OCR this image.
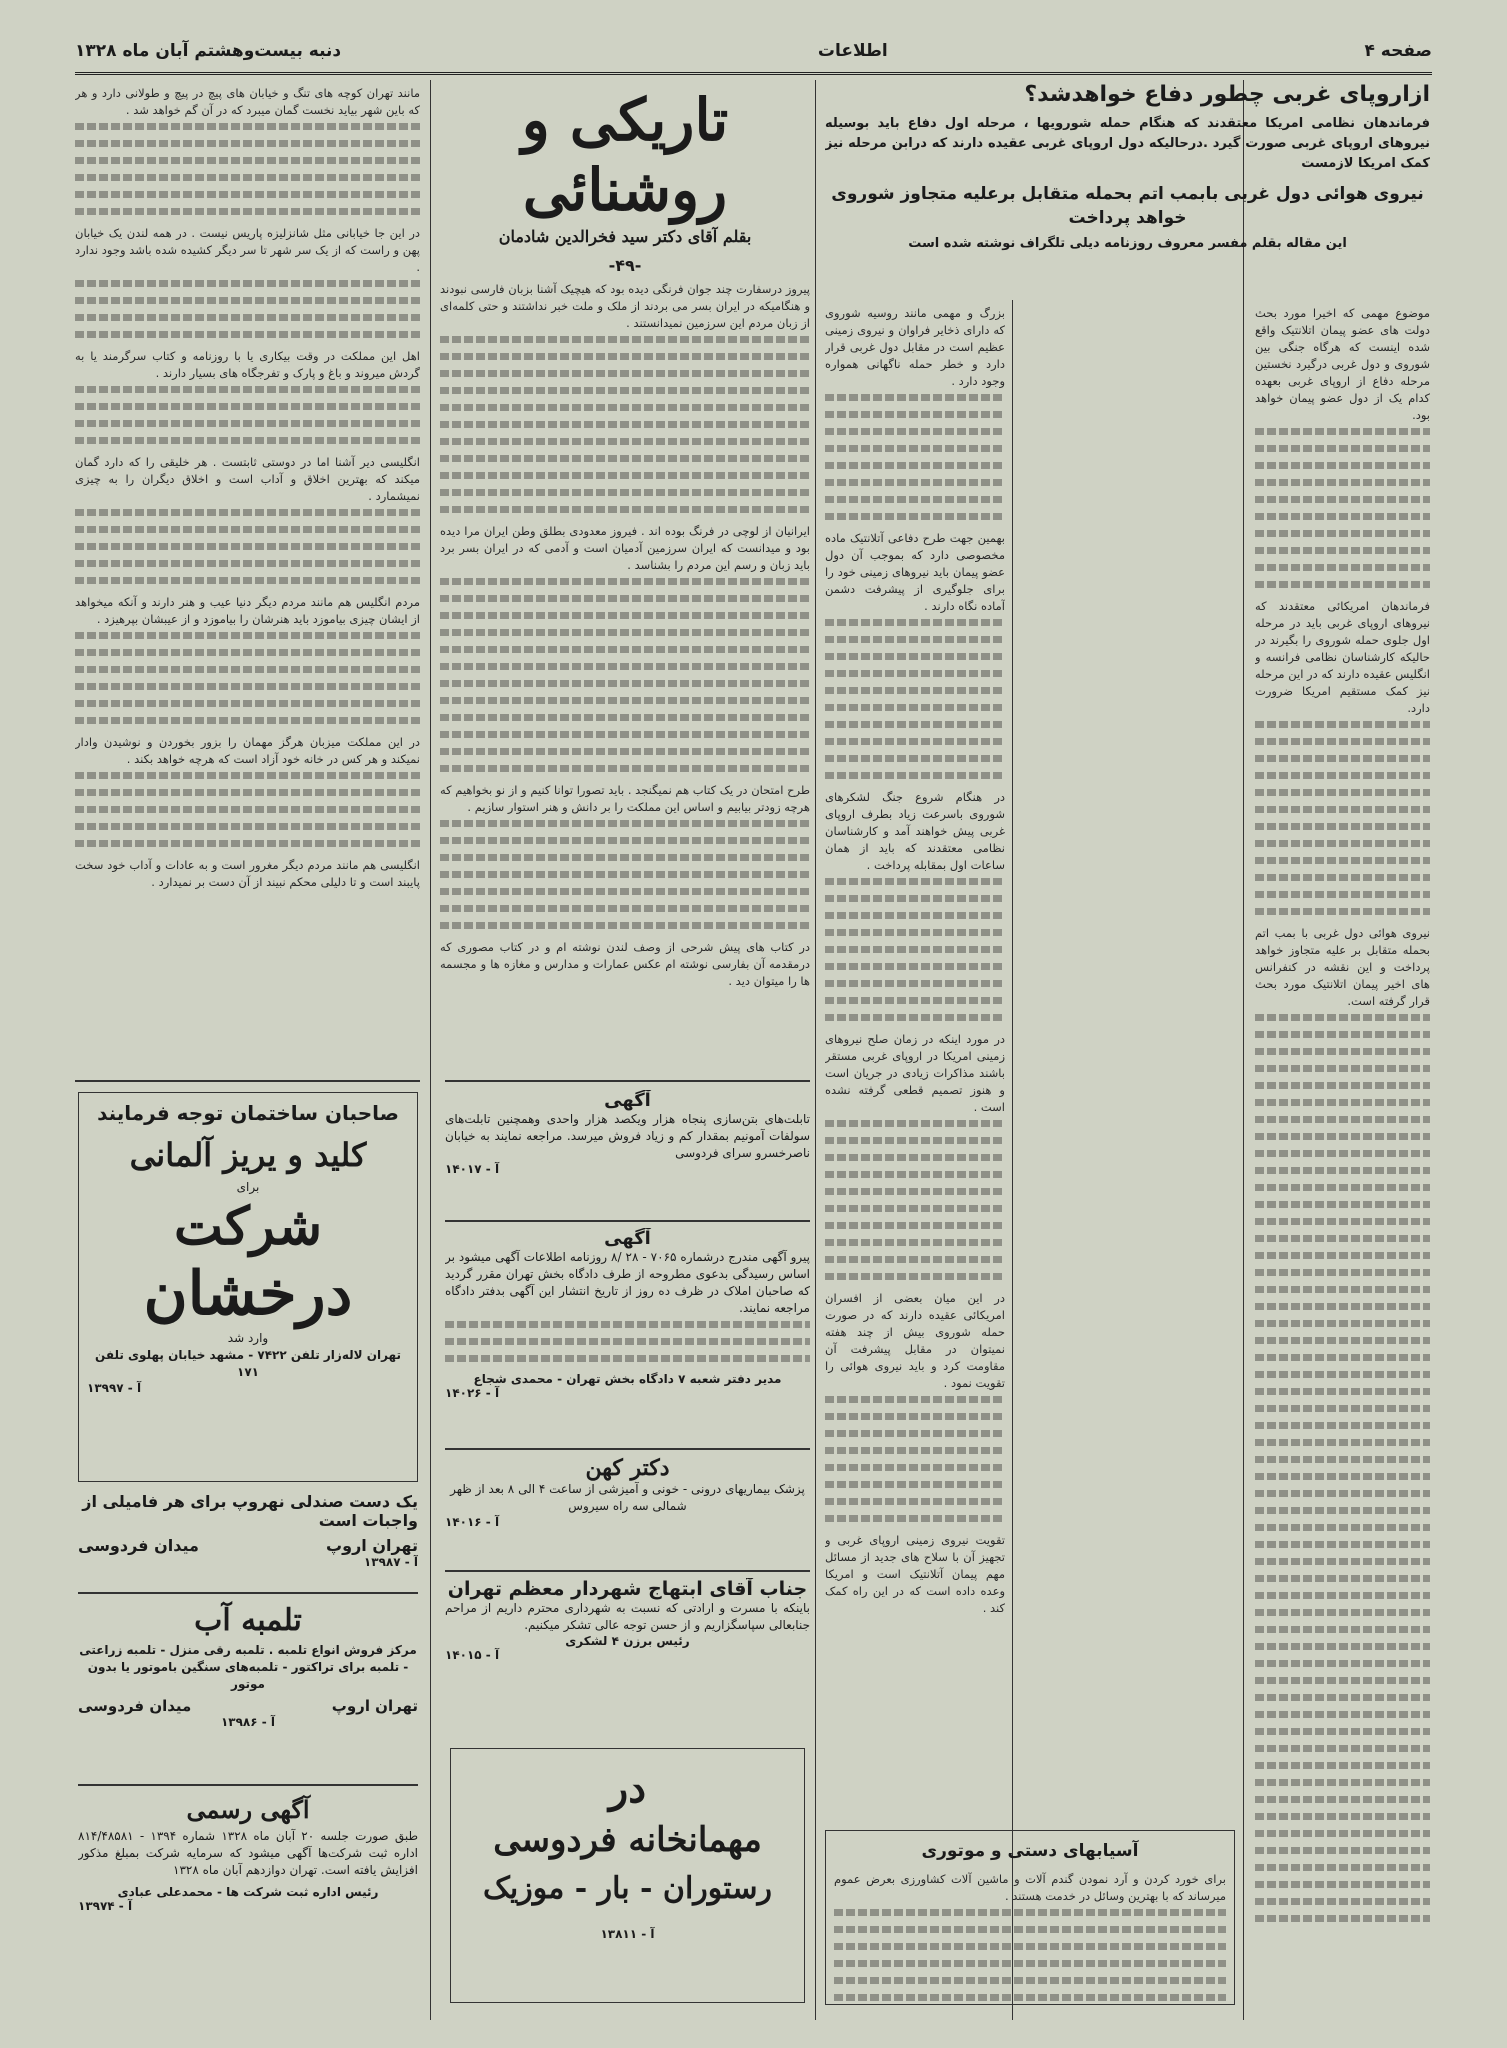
صفحه ۴
اطلاعات
دنبه بیست‌وهشتم آبان ماه ۱۳۲۸

ازاروپای غربی چطور دفاع خواهدشد؟

فرماندهان نظامی امریکا معتقدند که هنگام حمله شورویها ، مرحله اول دفاع باید بوسیله نیروهای اروپای غربی صورت گیرد .درحالیکه دول اروپای غربی عقیده دارند که درابن مرحله نیز کمک امریکا لازمست

نیروی هوائی دول غربی بابمب اتم بحمله متقابل برعلیه متجاوز شوروی خواهد پرداخت

این مقاله بقلم مفسر معروف روزنامه دیلی تلگراف نوشته شده است

موضوع مهمی که اخیرا مورد بحث دولت های عضو پیمان اتلانتیک واقع شده اینست که هرگاه جنگی بین شوروی و دول غربی درگیرد نخستین مرحله دفاع از اروپای غربی بعهده کدام یک از دول عضو پیمان خواهد بود.

فرماندهان امریکائی معتقدند که نیروهای اروپای غربی باید در مرحله اول جلوی حمله شوروی را بگیرند در حالیکه کارشناسان نظامی فرانسه و انگلیس عقیده دارند که در این مرحله نیز کمک مستقیم امریکا ضرورت دارد.

نیروی هوائی دول غربی با بمب اتم بحمله متقابل بر علیه متجاوز خواهد پرداخت و این نقشه در کنفرانس های اخیر پیمان اتلانتیک مورد بحث قرار گرفته است.

بزرگ و مهمی مانند روسیه شوروی که دارای ذخایر فراوان و نیروی زمینی عظیم است در مقابل دول غربی قرار دارد و خطر حمله ناگهانی همواره وجود دارد .

بهمین جهت طرح دفاعی آتلانتیک ماده مخصوصی دارد که بموجب آن دول عضو پیمان باید نیروهای زمینی خود را برای جلوگیری از پیشرفت دشمن آماده نگاه دارند .

در هنگام شروع جنگ لشکرهای شوروی باسرعت زیاد بطرف اروپای غربی پیش خواهند آمد و کارشناسان نظامی معتقدند که باید از همان ساعات اول بمقابله پرداخت .

در مورد اینکه در زمان صلح نیروهای زمینی امریکا در اروپای غربی مستقر باشند مذاکرات زیادی در جریان است و هنوز تصمیم قطعی گرفته نشده است .

در این میان بعضی از افسران امریکائی عقیده دارند که در صورت حمله شوروی بیش از چند هفته نمیتوان در مقابل پیشرفت آن مقاومت کرد و باید نیروی هوائی را تقویت نمود .

تقویت نیروی زمینی اروپای غربی و تجهیز آن با سلاح های جدید از مسائل مهم پیمان آتلانتیک است و امریکا وعده داده است که در این راه کمک کند .

آسیابهای دستی و موتوری

برای خورد کردن و آرد نمودن گندم آلات و ماشین آلات کشاورزی بعرض عموم میرساند که با بهترین وسائل در خدمت هستند .

تاریکی و روشنائی

بقلم آقای دکتر سید فخرالدین شادمان

-۴۹-

پیروز درسفارت چند جوان فرنگی دیده بود که هیچیک آشنا بزبان فارسی نبودند و هنگامیکه در ایران بسر می بردند از ملک و ملت خبر نداشتند و حتی کلمه‌ای از زبان مردم این سرزمین نمیدانستند .

ایرانیان از لوچی در فرنگ بوده اند . فیروز معدودی بطلق وطن ایران مرا دیده بود و میدانست که ایران سرزمین آدمیان است و آدمی که در ایران بسر برد باید زبان و رسم این مردم را بشناسد .

طرح امتحان در یک کتاب هم نمیگنجد . باید تصورا توانا کنیم و از نو بخواهیم که هرچه زودتر بیابیم و اساس این مملکت را بر دانش و هنر استوار سازیم .

در کتاب های پیش شرحی از وصف لندن نوشته ام و در کتاب مصوری که درمقدمه آن بفارسی نوشته ام عکس عمارات و مدارس و مغازه ها و مجسمه ها را میتوان دید .

مانند تهران کوچه های تنگ و خیابان های پیچ در پیچ و طولانی دارد و هر که باین شهر بیاید نخست گمان میبرد که در آن گم خواهد شد .

در این جا خیابانی مثل شانزلیزه پاریس نیست . در همه لندن یک خیابان پهن و راست که از یک سر شهر تا سر دیگر کشیده شده باشد وجود ندارد .

اهل این مملکت در وقت بیکاری یا با روزنامه و کتاب سرگرمند یا به گردش میروند و باغ و پارک و تفرجگاه های بسیار دارند .

انگلیسی دیر آشنا اما در دوستی ثابتست . هر خلیقی را که دارد گمان میکند که بهترین اخلاق و آداب است و اخلاق دیگران را به چیزی نمیشمارد .

مردم انگلیس هم مانند مردم دیگر دنیا عیب و هنر دارند و آنکه میخواهد از ایشان چیزی بیاموزد باید هنرشان را بیاموزد و از عیبشان بپرهیزد .

در این مملکت میزبان هرگز مهمان را بزور بخوردن و نوشیدن وادار نمیکند و هر کس در خانه خود آزاد است که هرچه خواهد بکند .

انگلیسی هم مانند مردم دیگر مغرور است و به عادات و آداب خود سخت پایبند است و تا دلیلی محکم نبیند از آن دست بر نمیدارد .

آگهی

تابلت‌های بتن‌سازی پنجاه هزار ویکصد هزار واحدی وهمچنین تابلت‌های سولفات آمونیم بمقدار کم و زیاد فروش میرسد. مراجعه نمایند به خیابان ناصرخسرو سرای فردوسی

آ - ۱۴۰۱۷

آگهی

پیرو آگهی مندرج درشماره ۷۰۶۵ - ۲۸ /۸ روزنامه اطلاعات آگهی میشود بر اساس رسیدگی بدعوی مطروحه از طرف دادگاه بخش تهران مقرر گردید که صاحبان املاک در ظرف ده روز از تاریخ انتشار این آگهی بدفتر دادگاه مراجعه نمایند.

مدیر دفتر شعبه ۷ دادگاه بخش تهران - محمدی شجاع

آ - ۱۴۰۲۶

دکتر کهن

پزشک بیماریهای درونی - خونی و آمیزشی از ساعت ۴ الی ۸ بعد از ظهر شمالی سه راه سیروس

آ - ۱۴۰۱۶

جناب آقای ابتهاج شهردار معظم تهران

باینکه با مسرت و ارادتی که نسبت به شهرداری محترم داریم از مراحم جنابعالی سپاسگزاریم و از حسن توجه عالی تشکر میکنیم.

رئیس برزن ۴ لشکری

آ - ۱۴۰۱۵

در

مهمانخانه فردوسی

رستوران - بار - موزیک

آ - ۱۳۸۱۱

صاحبان ساختمان توجه فرمایند

کلید و یریز آلمانی

برای

شرکت

درخشان

وارد شد

تهران لاله‌زار تلفن ۷۴۲۲ - مشهد خیابان پهلوی تلفن ۱۷۱

آ - ۱۳۹۹۷

یک دست صندلی نهروپ برای هر فامیلی از واجبات است

تهران اروپ
میدان فردوسی

آ - ۱۳۹۸۷

تلمبه آب

مرکز فروش انواع تلمبه . تلمبه رقی منزل - تلمبه زراعتی - تلمبه برای تراکتور - تلمبه‌های سنگین باموتور یا بدون موتور

تهران اروپ
میدان فردوسی

آ - ۱۳۹۸۶

آگهی رسمی

طبق صورت جلسه ۲۰ آبان ماه ۱۳۲۸ شماره ۱۳۹۴ - ۸۱۴/۴۸۵۸۱ اداره ثبت شرکت‌ها آگهی میشود که سرمایه شرکت بمبلغ مذکور افزایش یافته است. تهران دوازدهم آبان ماه ۱۳۲۸

رئیس اداره ثبت شرکت ها - محمدعلی عبادی

آ - ۱۳۹۷۴
